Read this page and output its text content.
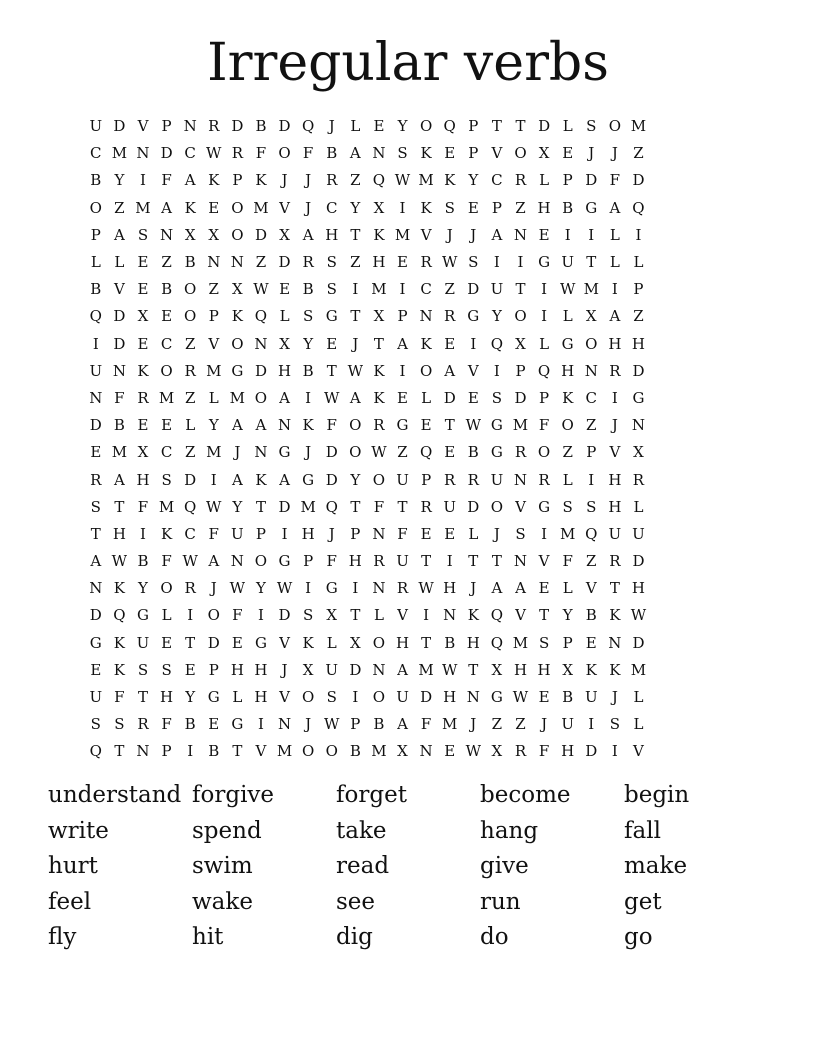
Irregular verbs
U D V P N R D B D Q J	L E Y O Q P T T D L S O M
C M N D C W R F O F B A N S K E P V O X E	J	J	Z
B Y	I	F A K P K J	J R Z Q W M K Y C R L P D F D
O Z M A K E O M V	J C Y X	I	K S E P Z H B G A Q
P A S N X X O D X A H T K M V	J	J	A N E	I	I	L	I
L L E Z B N N Z D R S Z H E R W S	I	I G U T L L
B V E B O Z X W E B S	I M I C Z D U T	I W M I	P
Q D X E O P K Q L S G T X P N R G Y O I	L X A Z
I D E C Z V O N X Y E	J	T A K E	I Q X L G O H H
U N K O R M G D H B T W K	I O A V	I	P Q H N R D
N F R M Z L M O A	I W A K E L D E S D P K C I G
D B E E L Y A A N K F O R G E T W G M F O Z	J N
E M X C Z M J N G J D O W Z Q E B G R O Z P V X
R A H S D I	A K A G D Y O U P R R U N R L	I H R
S T F M Q W Y T D M Q T F T R U D O V G S S H L
T H I	K C F U P	I H J	P N F E E L	J	S	I M Q U U
A W B F W A N O G P F H R U T	I	T T N V F Z R D
N K Y O R J W Y W I G I N R W H J	A A E L V T H
D Q G L	I O F	I D S X T L V	I N K Q V T Y B K W
G K U E T D E G V K L X O H T B H Q M S P E N D
E K S S E P H H J	X U D N A M W T X H H X K K M
U F T H Y G L H V O S	I O U D H N G W E B U J	L
S S R F B E G I N J W P B A F M J	Z Z	J U I	S L
Q T N P	I	B T V M O O B M X N E W X R F H D I	V
understand forgive	forget	become	begin
write	spend	take	hang	fall
hurt	swim	read	give	make
feel	wake	see	run	get
fly	hit	dig	do	go
